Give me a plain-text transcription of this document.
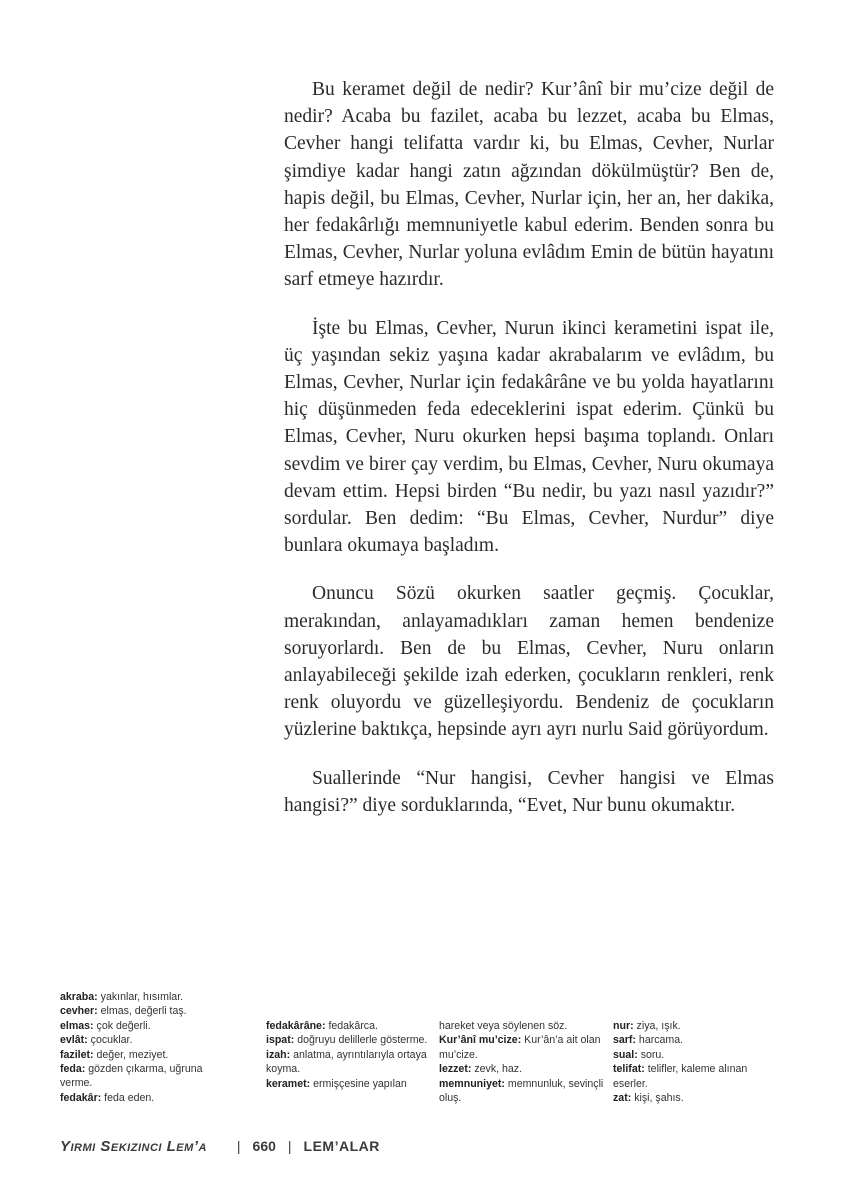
Bu keramet değil de nedir? Kur’ânî bir mu’cize değil de nedir? Acaba bu fazilet, acaba bu lezzet, acaba bu Elmas, Cevher hangi telifatta vardır ki, bu Elmas, Cevher, Nurlar şimdiye kadar hangi zatın ağzından dökülmüştür? Ben de, hapis değil, bu Elmas, Cevher, Nurlar için, her an, her dakika, her fedakârlığı memnuniyetle kabul ederim. Benden sonra bu Elmas, Cevher, Nurlar yoluna evlâdım Emin de bütün hayatını sarf etmeye hazırdır.

İşte bu Elmas, Cevher, Nurun ikinci kerametini ispat ile, üç yaşından sekiz yaşına kadar akrabalarım ve evlâdım, bu Elmas, Cevher, Nurlar için fedakârâne ve bu yolda hayatlarını hiç düşünmeden feda edeceklerini ispat ederim. Çünkü bu Elmas, Cevher, Nuru okurken hepsi başıma toplandı. Onları sevdim ve birer çay verdim, bu Elmas, Cevher, Nuru okumaya devam ettim. Hepsi birden “Bu nedir, bu yazı nasıl yazıdır?” sordular. Ben dedim: “Bu Elmas, Cevher, Nurdur” diye bunlara okumaya başladım.

Onuncu Sözü okurken saatler geçmiş. Çocuklar, merakından, anlayamadıkları zaman hemen bendenize soruyorlardı. Ben de bu Elmas, Cevher, Nuru onların anlayabileceği şekilde izah ederken, çocukların renkleri, renk renk oluyordu ve güzelleşiyordu. Bendeniz de çocukların yüzlerine baktıkça, hepsinde ayrı ayrı nurlu Said görüyordum.

Suallerinde “Nur hangisi, Cevher hangisi ve Elmas hangisi?” diye sorduklarında, “Evet, Nur bunu okumaktır.

akraba: yakınlar, hısımlar.
cevher: elmas, değerli taş.
elmas: çok değerli.
evlât: çocuklar.
fazilet: değer, meziyet.
feda: gözden çıkarma, uğruna verme.
fedakâr: feda eden.
fedakârâne: fedakârca.
ispat: doğruyu delillerle gösterme.
izah: anlatma, ayrıntılarıyla ortaya koyma.
keramet: ermişçesine yapılan
hareket veya söylenen söz.
Kur’ânî mu’cize: Kur’ân’a ait olan mu’cize.
lezzet: zevk, haz.
memnuniyet: memnunluk, sevinçli oluş.
nur: ziya, ışık.
sarf: harcama.
sual: soru.
telifat: telifler, kaleme alınan eserler.
zat: kişi, şahıs.
Yirmi Sekizinci Lem’a | 660 | LEM’ALAR
